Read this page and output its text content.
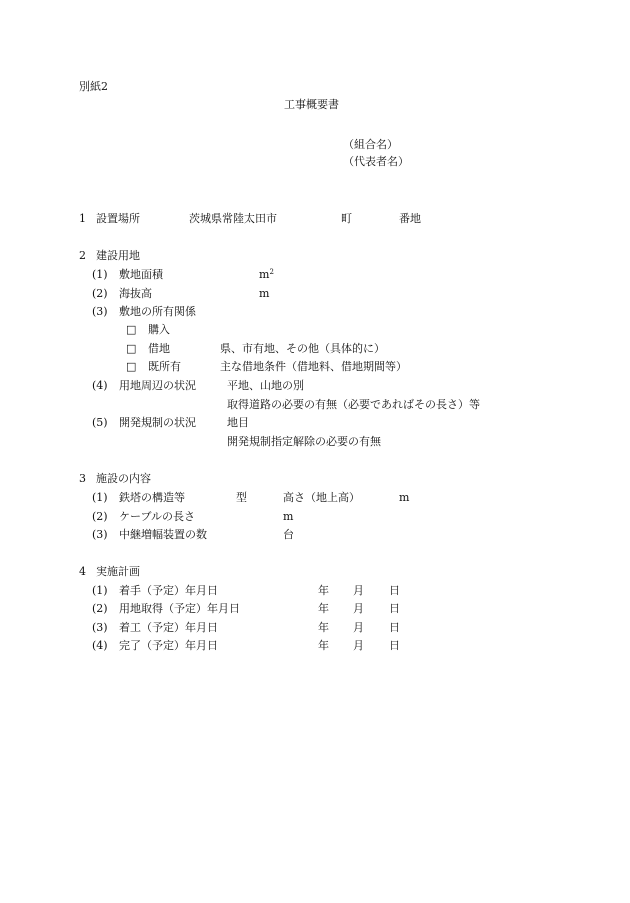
別紙2
工事概要書
（組合名）
（代表者名）
1 設置場所	茨城県常陸太田市	町	番地
2 建設用地
(1) 敷地面積	$m^2$
(2) 海抜高	m
(3) 敷地の所有関係
□ 購入
□ 借地	県、市有地、その他（具体的に）
□ 既所有	主な借地条件（借地料、借地期間等）
(4) 用地周辺の状況	平地、山地の別
取得道路の必要の有無（必要であればその長さ）等
(5) 開発規制の状況	地目
開発規制指定解除の必要の有無
3 施設の内容
(1) 鉄塔の構造等	型	高さ（地上高）	m
(2) ケーブルの長さ	m
(3) 中継増幅装置の数	台
4 実施計画
(1) 着手（予定）年月日	年 月 日
(2) 用地取得（予定）年月日	年 月 日
(3) 着工（予定）年月日	年 月 日
(4) 完了（予定）年月日	年 月 日
